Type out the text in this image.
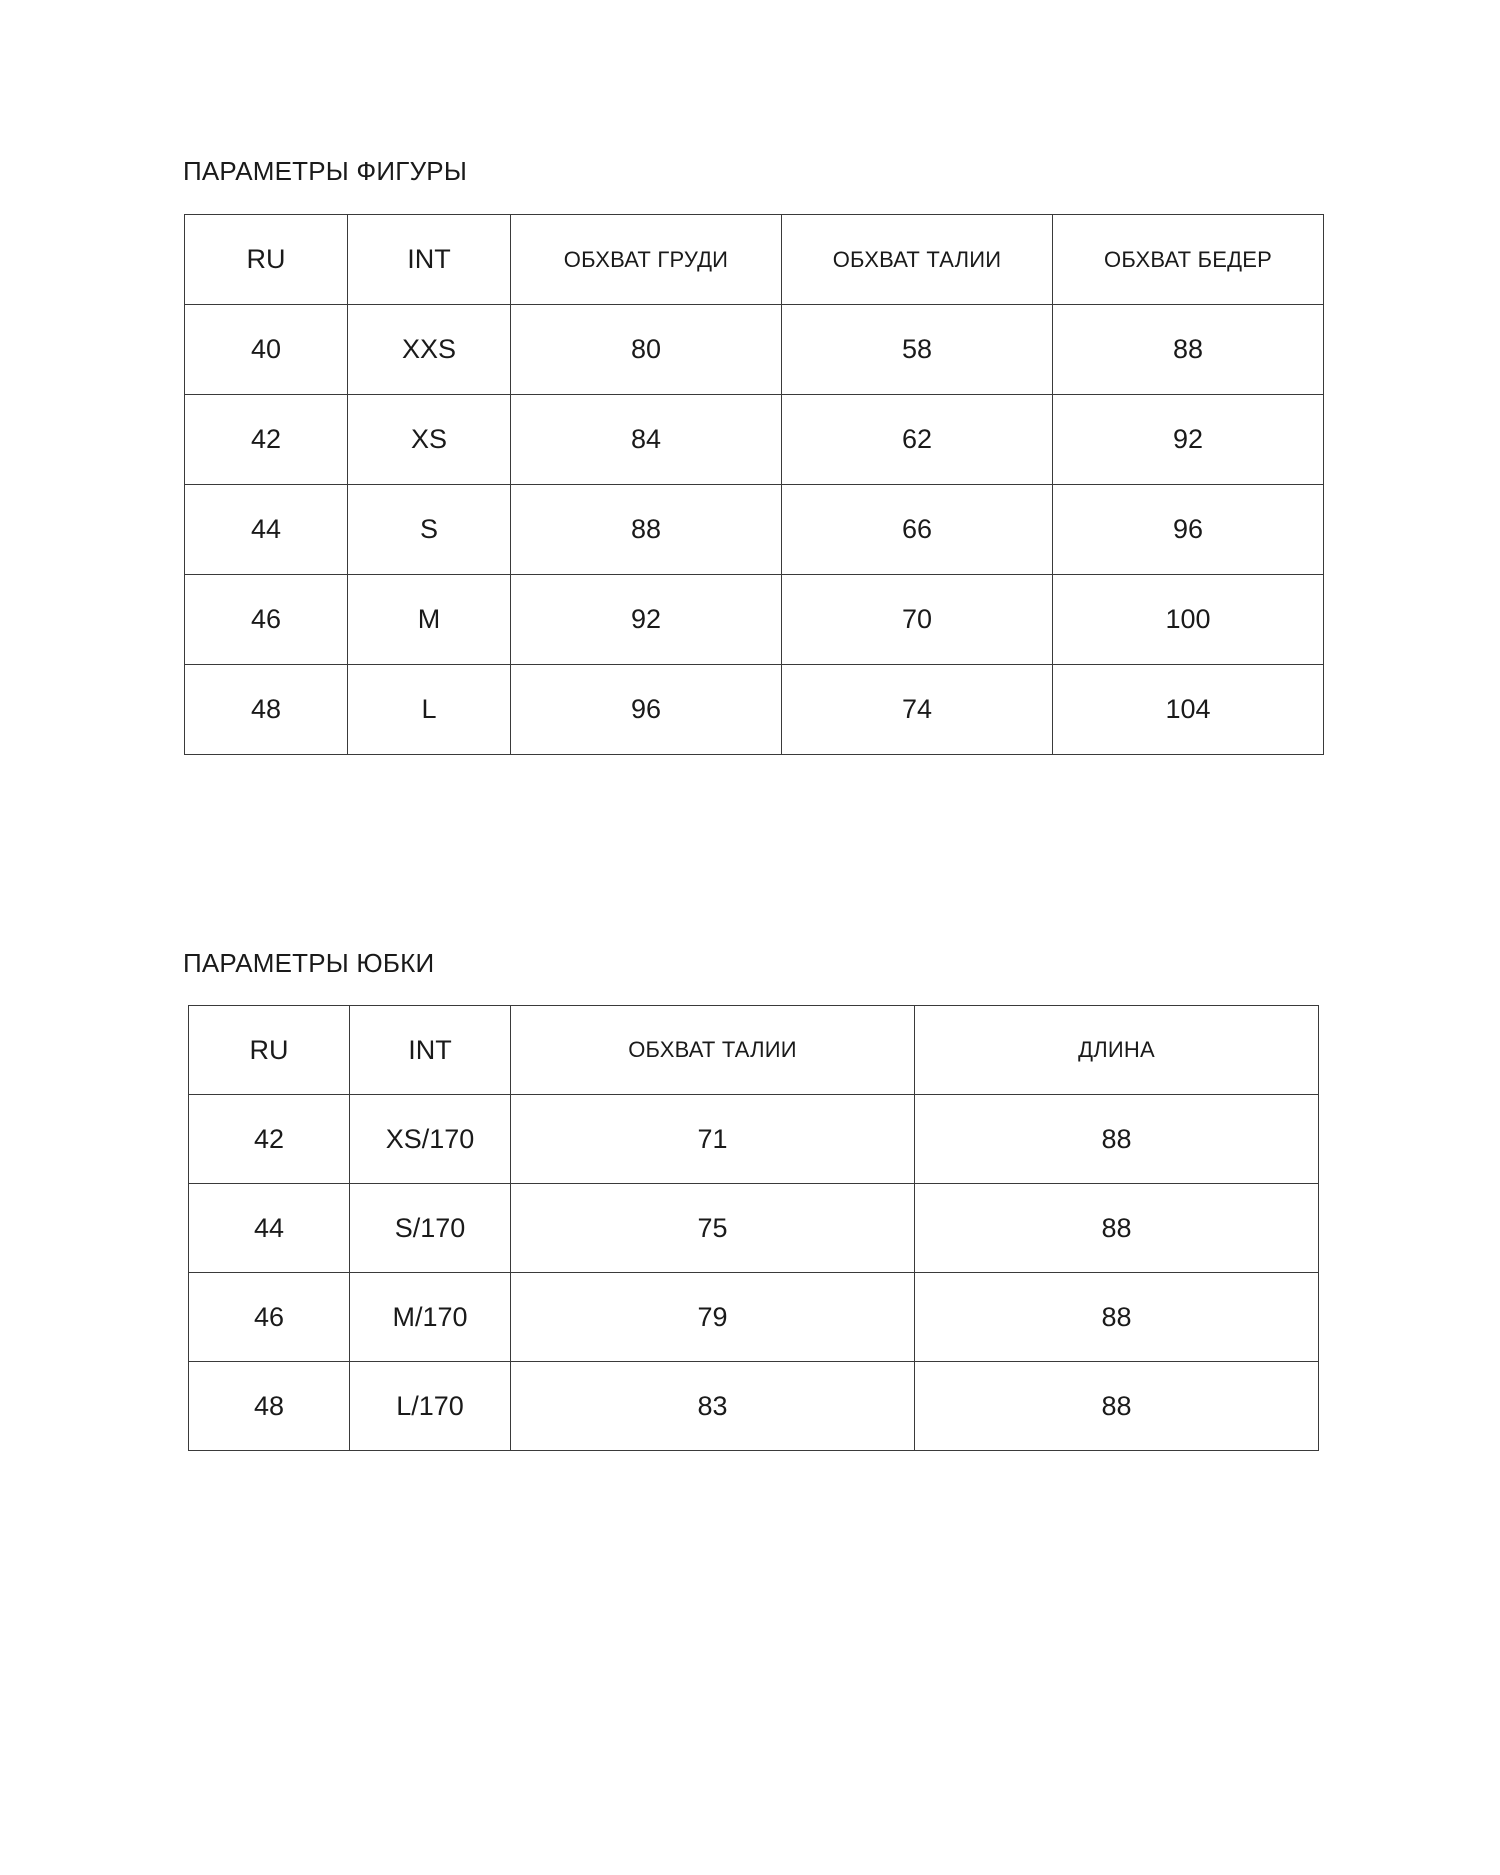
ПАРАМЕТРЫ ФИГУРЫ
RU	INT	ОБХВАТ ГРУДИ	ОБХВАТ ТАЛИИ	ОБХВАТ БЕДЕР
40	XXS	80	58	88
42	XS	84	62	92
44	S	88	66	96
46	M	92	70	100
48	L	96	74	104
ПАРАМЕТРЫ ЮБКИ
RU	INT	ОБХВАТ ТАЛИИ	ДЛИНА
42	XS/170	71	88
44	S/170	75	88
46	M/170	79	88
48	L/170	83	88
